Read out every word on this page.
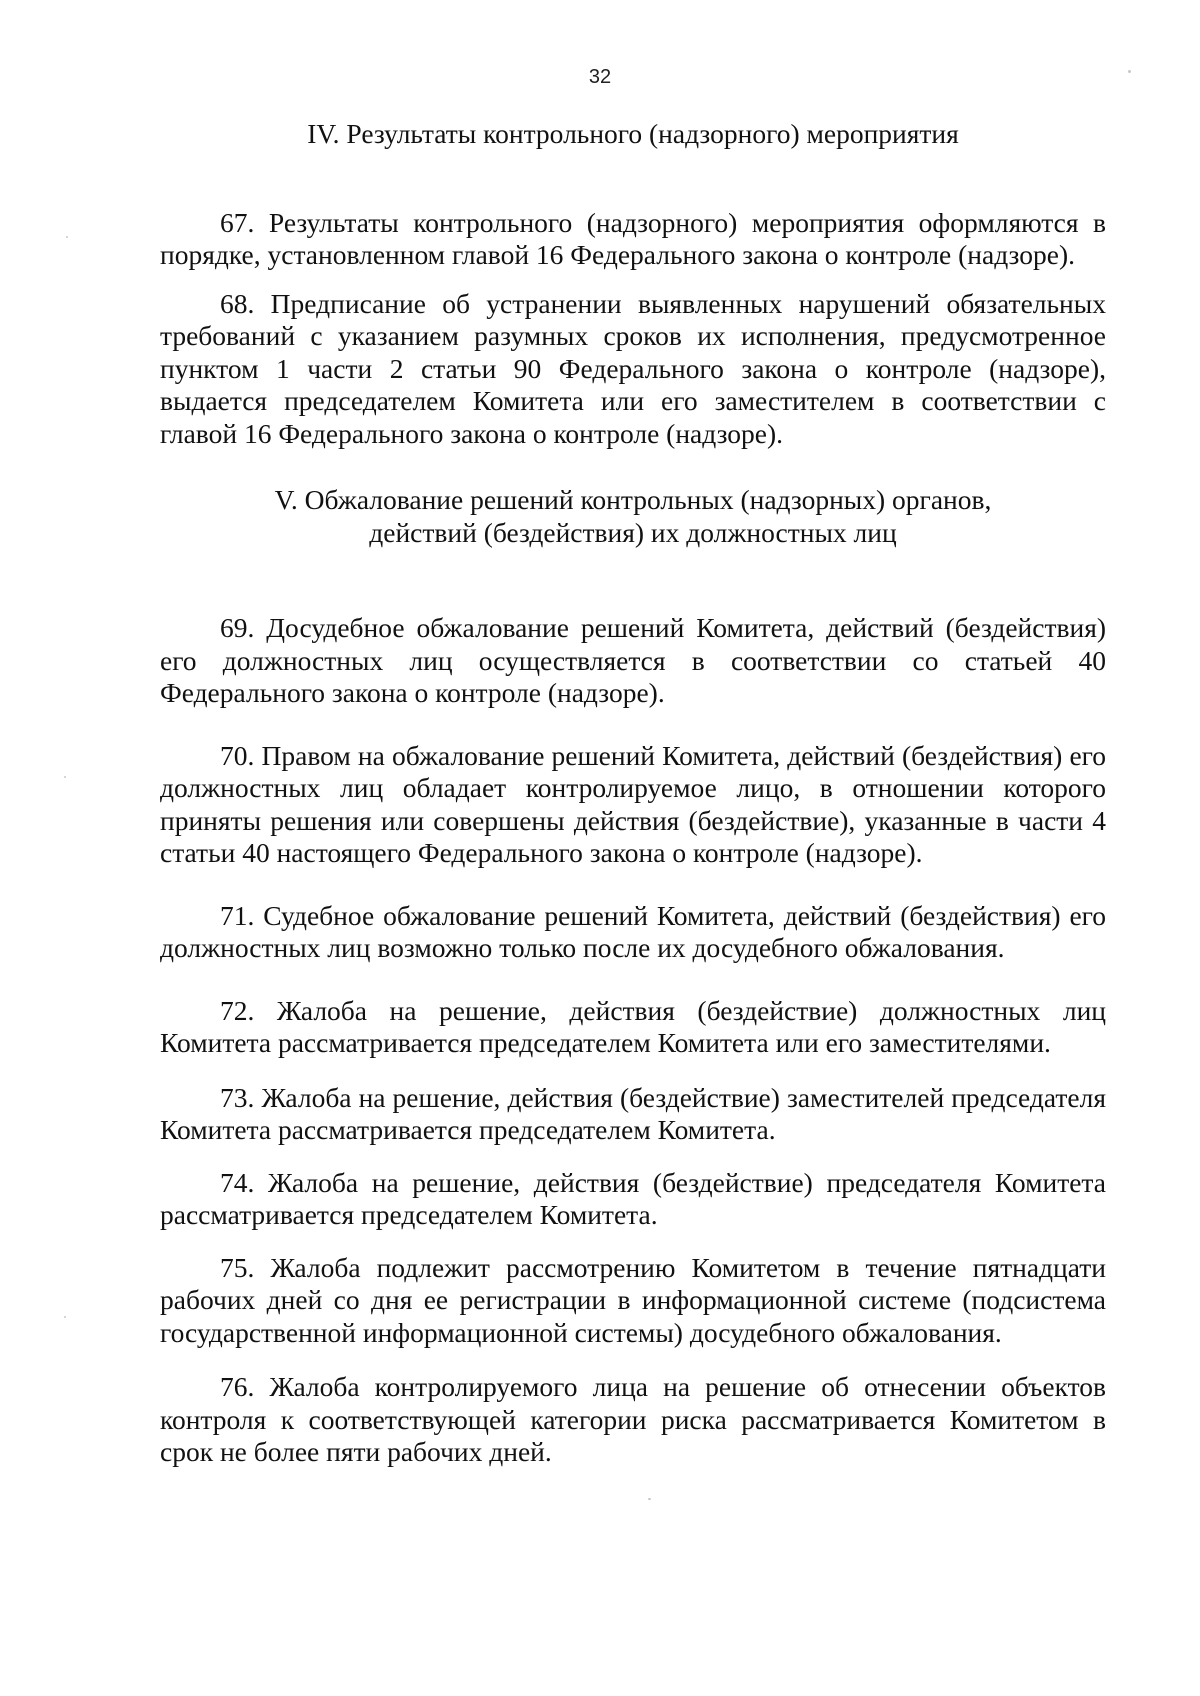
32
IV. Результаты контрольного (надзорного) мероприятия

67. Результаты контрольного (надзорного) мероприятия оформляются в порядке, установленном главой 16 Федерального закона о контроле (надзоре).

68. Предписание об устранении выявленных нарушений обязательных требований с указанием разумных сроков их исполнения, предусмотренное пунктом 1 части 2 статьи 90 Федерального закона о контроле (надзоре), выдается председателем Комитета или его заместителем в соответствии с главой 16 Федерального закона о контроле (надзоре).

V. Обжалование решений контрольных (надзорных) органов,
действий (бездействия) их должностных лиц

69. Досудебное обжалование решений Комитета, действий (бездействия) его должностных лиц осуществляется в соответствии со статьей 40 Федерального закона о контроле (надзоре).

70. Правом на обжалование решений Комитета, действий (бездействия) его должностных лиц обладает контролируемое лицо, в отношении которого приняты решения или совершены действия (бездействие), указанные в части 4 статьи 40 настоящего Федерального закона о контроле (надзоре).

71. Судебное обжалование решений Комитета, действий (бездействия) его должностных лиц возможно только после их досудебного обжалования.

72. Жалоба на решение, действия (бездействие) должностных лиц Комитета рассматривается председателем Комитета или его заместителями.

73. Жалоба на решение, действия (бездействие) заместителей председателя Комитета рассматривается председателем Комитета.

74. Жалоба на решение, действия (бездействие) председателя Комитета рассматривается председателем Комитета.

75. Жалоба подлежит рассмотрению Комитетом в течение пятнадцати рабочих дней со дня ее регистрации в информационной системе (подсистема государственной информационной системы) досудебного обжалования.

76. Жалоба контролируемого лица на решение об отнесении объектов контроля к соответствующей категории риска рассматривается Комитетом в срок не более пяти рабочих дней.
